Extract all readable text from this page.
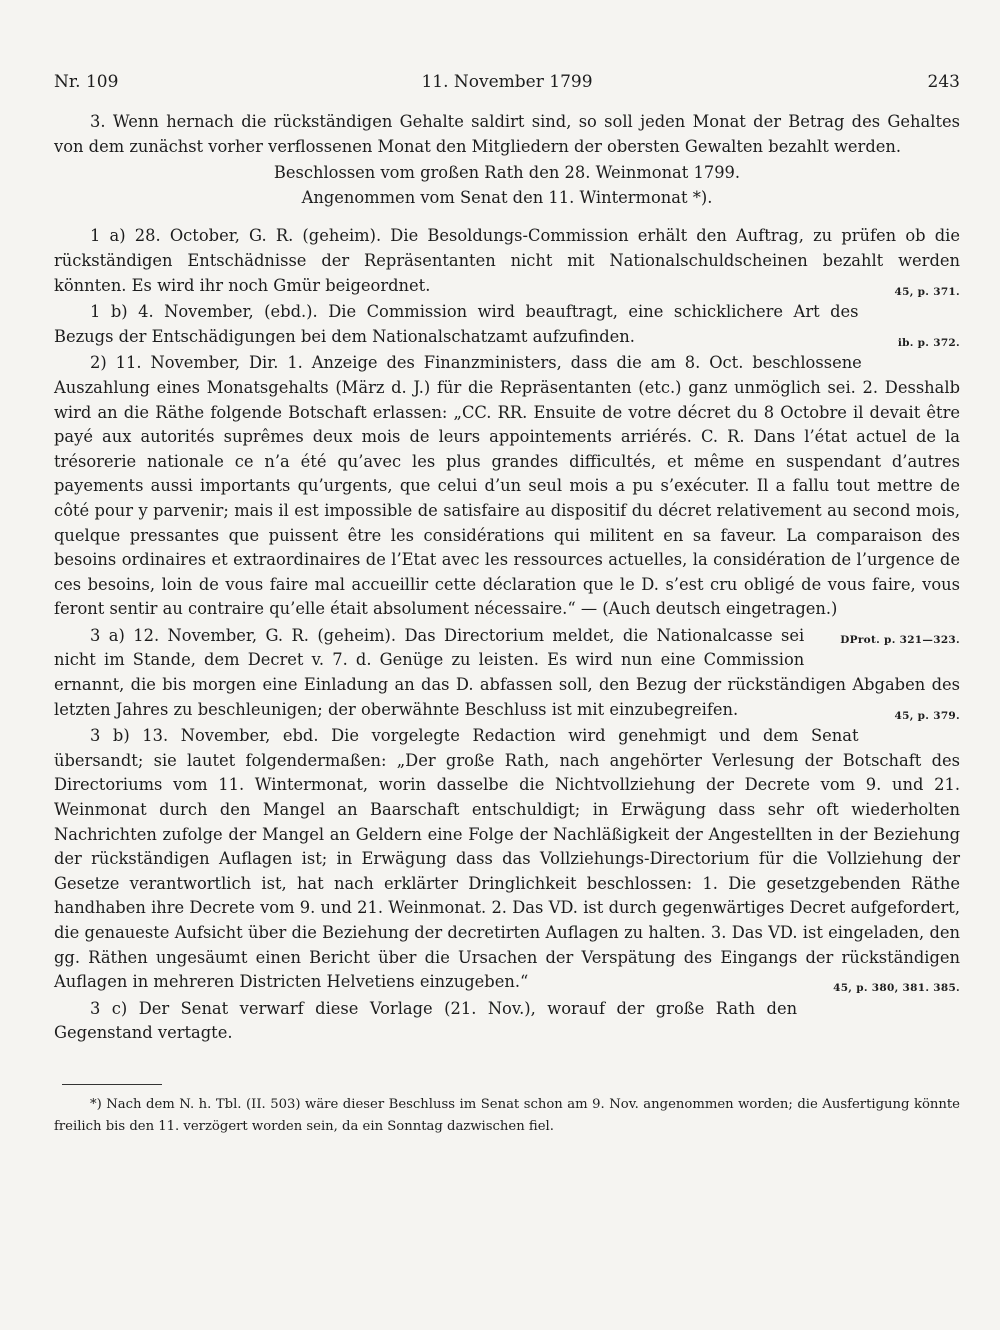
Nr. 109	11. November 1799	243

3. Wenn hernach die rückständigen Gehalte saldirt sind, so soll jeden Monat der Betrag des Gehaltes von dem zunächst vorher verflossenen Monat den Mitgliedern der obersten Gewalten bezahlt werden.

Beschlossen vom großen Rath den 28. Weinmonat 1799.

Angenommen vom Senat den 11. Wintermonat *).

1 a) 28. October, G. R. (geheim). Die Besoldungs-Commission erhält den Auftrag, zu prüfen ob die rückständigen Entschädnisse der Repräsentanten nicht mit Nationalschuldscheinen bezahlt werden könnten. Es wird ihr noch Gmür beigeordnet.	45, p. 371.

1 b) 4. November, (ebd.). Die Commission wird beauftragt, eine schicklichere Art des Bezugs der Entschädigungen bei dem Nationalschatzamt aufzufinden.	ib. p. 372.

2) 11. November, Dir. 1. Anzeige des Finanzministers, dass die am 8. Oct. beschlossene Auszahlung eines Monatsgehalts (März d. J.) für die Repräsentanten (etc.) ganz unmöglich sei. 2. Desshalb wird an die Räthe folgende Botschaft erlassen: „CC. RR. Ensuite de votre décret du 8 Octobre il devait être payé aux autorités suprêmes deux mois de leurs appointements arriérés. C. R. Dans l’état actuel de la trésorerie nationale ce n’a été qu’avec les plus grandes difficultés, et même en suspendant d’autres payements aussi importants qu’urgents, que celui d’un seul mois a pu s’exécuter. Il a fallu tout mettre de côté pour y parvenir; mais il est impossible de satisfaire au dispositif du décret relativement au second mois, quelque pressantes que puissent être les considérations qui militent en sa faveur. La comparaison des besoins ordinaires et extraordinaires de l’Etat avec les ressources actuelles, la considération de l’urgence de ces besoins, loin de vous faire mal accueillir cette déclaration que le D. s’est cru obligé de vous faire, vous feront sentir au contraire qu’elle était absolument nécessaire.“ — (Auch deutsch eingetragen.)
DProt. p. 321—323.

3 a) 12. November, G. R. (geheim). Das Directorium meldet, die Nationalcasse sei nicht im Stande, dem Decret v. 7. d. Genüge zu leisten. Es wird nun eine Commission ernannt, die bis morgen eine Einladung an das D. abfassen soll, den Bezug der rückständigen Abgaben des letzten Jahres zu beschleunigen; der oberwähnte Beschluss ist mit einzubegreifen.	45, p. 379.

3 b) 13. November, ebd. Die vorgelegte Redaction wird genehmigt und dem Senat übersandt; sie lautet folgendermaßen: „Der große Rath, nach angehörter Verlesung der Botschaft des Directoriums vom 11. Wintermonat, worin dasselbe die Nichtvollziehung der Decrete vom 9. und 21. Weinmonat durch den Mangel an Baarschaft entschuldigt; in Erwägung dass sehr oft wiederholten Nachrichten zufolge der Mangel an Geldern eine Folge der Nachläßigkeit der Angestellten in der Beziehung der rückständigen Auflagen ist; in Erwägung dass das Vollziehungs-Directorium für die Vollziehung der Gesetze verantwortlich ist, hat nach erklärter Dringlichkeit beschlossen: 1. Die gesetzgebenden Räthe handhaben ihre Decrete vom 9. und 21. Weinmonat. 2. Das VD. ist durch gegenwärtiges Decret aufgefordert, die genaueste Aufsicht über die Beziehung der decretirten Auflagen zu halten. 3. Das VD. ist eingeladen, den gg. Räthen ungesäumt einen Bericht über die Ursachen der Verspätung des Eingangs der rückständigen Auflagen in mehreren Districten Helvetiens einzugeben.“	45, p. 380, 381. 385.

3 c) Der Senat verwarf diese Vorlage (21. Nov.), worauf der große Rath den Gegenstand vertagte.

*) Nach dem N. h. Tbl. (II. 503) wäre dieser Beschluss im Senat schon am 9. Nov. angenommen worden; die Ausfertigung könnte freilich bis den 11. verzögert worden sein, da ein Sonntag dazwischen fiel.
